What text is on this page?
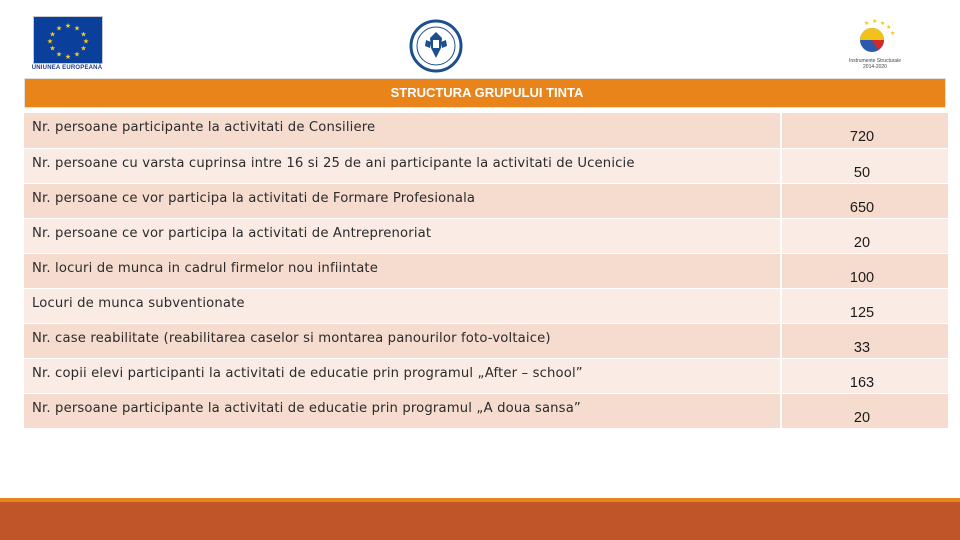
★ ★
★
★
★
★
★
★
★
★
★
★
UNIUNEA EUROPEANĂ
★ ★ ★
★
★
Instrumente Structurale 2014-2020
STRUCTURA GRUPULUI TINTA
Nr. persoane participante la activitati de Consiliere
720
Nr. persoane cu varsta cuprinsa intre 16 si 25 de ani participante la activitati de Ucenicie
50
Nr. persoane ce vor participa la activitati de Formare Profesionala
650
Nr. persoane ce vor participa la activitati de Antreprenoriat
20
Nr. locuri de munca in cadrul firmelor nou infiintate
100
Locuri de munca subventionate
125
Nr. case reabilitate (reabilitarea caselor si montarea panourilor foto-voltaice)
33
Nr. copii elevi participanti la activitati de educatie prin programul „After – school”
163
Nr. persoane participante la activitati de educatie prin programul „A doua sansa”
20
